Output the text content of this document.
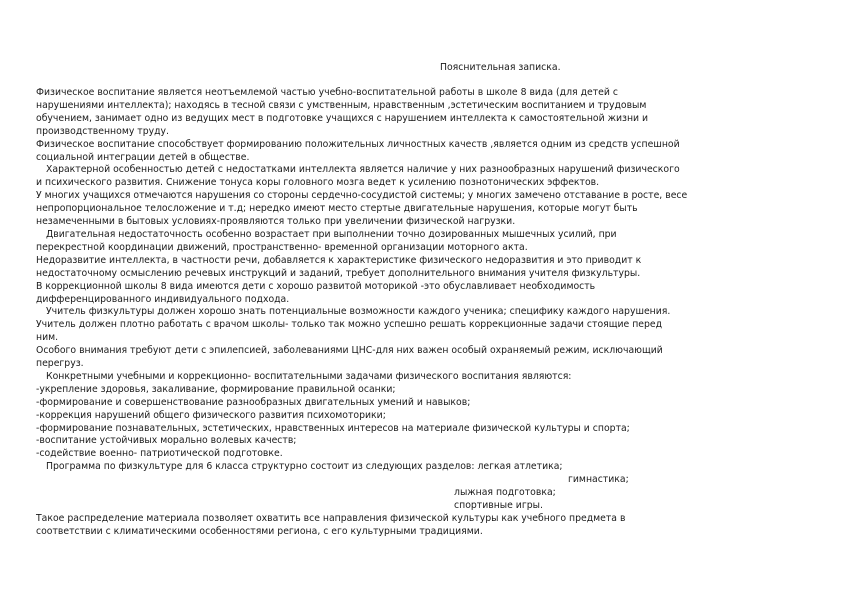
Пояснительная записка.

Физическое воспитание является неотъемлемой частью учебно-воспитательной работы в школе 8 вида (для детей с

нарушениями интеллекта); находясь в тесной связи с умственным, нравственным ,эстетическим воспитанием и трудовым

обучением, занимает одно из ведущих мест в подготовке учащихся с нарушением интеллекта к самостоятельной жизни и

производственному труду.

Физическое воспитание способствует формированию положительных личностных качеств ,является одним из средств успешной

социальной интеграции детей в обществе.

Характерной особенностью детей с недостатками интеллекта является наличие у них разнообразных нарушений физического

и психического развития. Снижение тонуса коры головного мозга ведет к усилению познотонических эффектов.

У многих учащихся отмечаются нарушения со стороны сердечно-сосудистой системы; у многих замечено отставание в росте, весе

непропорциональное телосложение и т.д; нередко имеют место стертые двигательные нарушения, которые могут быть

незамеченными в бытовых условиях-проявляются только при увеличении физической нагрузки.

Двигательная недостаточность особенно возрастает при выполнении точно дозированных мышечных усилий, при

перекрестной координации движений, пространственно- временной организации моторного акта.

Недоразвитие интеллекта, в частности речи, добавляется к характеристике физического недоразвития и это приводит к

недостаточному осмыслению речевых инструкций и заданий, требует дополнительного внимания учителя физкультуры.

В коррекционной школы 8 вида имеются дети с хорошо развитой моторикой -это обуславливает необходимость

дифференцированного индивидуального подхода.

Учитель физкультуры должен хорошо знать потенциальные возможности каждого ученика; специфику каждого нарушения.

Учитель должен плотно работать с врачом школы- только так можно успешно решать коррекционные задачи стоящие перед

ним.

Особого внимания требуют дети с эпилепсией, заболеваниями ЦНС-для них важен особый охраняемый режим, исключающий

перегруз.

Конкретными учебными и коррекционно- воспитательными задачами физического воспитания являются:

-укрепление здоровья, закаливание, формирование правильной осанки;

-формирование и совершенствование разнообразных двигательных умений и навыков;

-коррекция нарушений общего физического развития психомоторики;

-формирование познавательных, эстетических, нравственных интересов на материале физической культуры и спорта;

-воспитание устойчивых морально волевых качеств;

-содействие военно- патриотической подготовке.

Программа по физкультуре для 6 класса структурно состоит из следующих разделов: легкая атлетика;

гимнастика;

лыжная подготовка;

спортивные игры.

Такое распределение материала позволяет охватить все направления физической культуры как учебного предмета в

соответствии с климатическими особенностями региона, с его культурными традициями.
